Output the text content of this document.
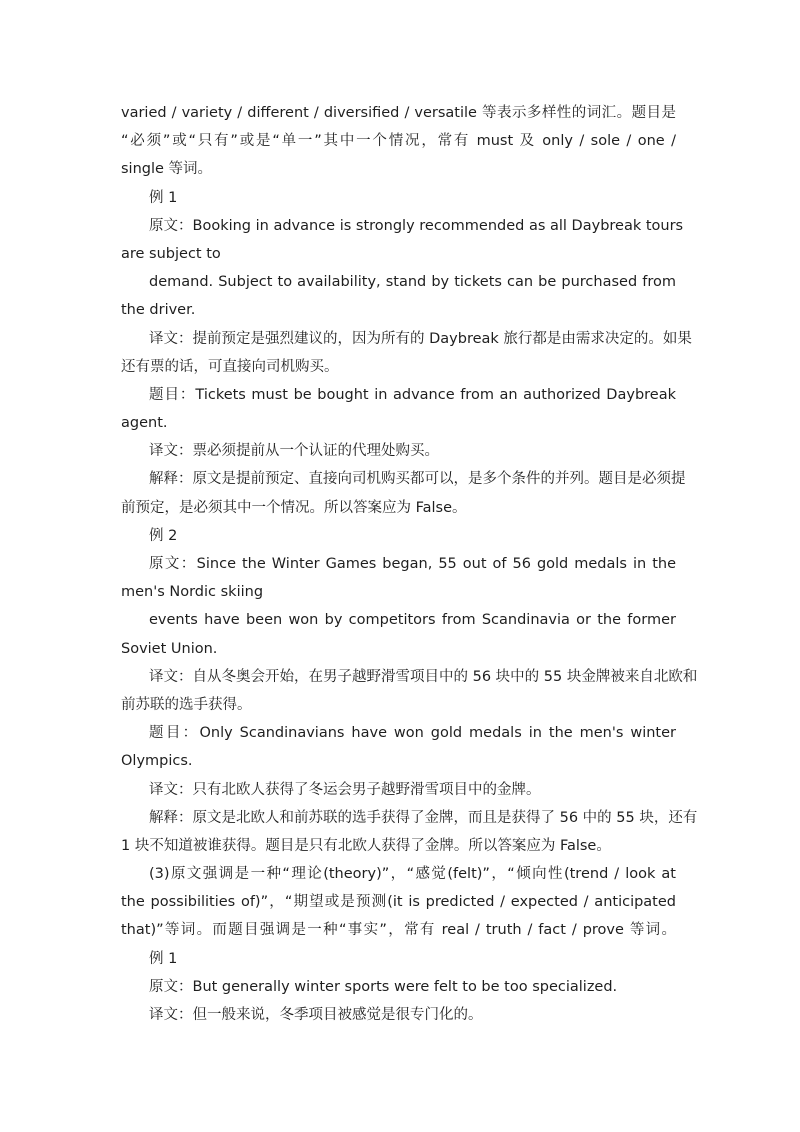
varied / variety / different / diversified / versatile 等表示多样性的词汇。题目是
“必须”或“只有”或是“单一”其中一个情况，常有 must 及 only / sole / one /
single 等词。
例 1
原文：Booking in advance is strongly recommended as all Daybreak tours
are subject to
demand. Subject to availability, stand by tickets can be purchased from
the driver.
译文：提前预定是强烈建议的，因为所有的 Daybreak 旅行都是由需求决定的。如果
还有票的话，可直接向司机购买。
题目：Tickets must be bought in advance from an authorized Daybreak
agent.
译文：票必须提前从一个认证的代理处购买。
解释：原文是提前预定、直接向司机购买都可以，是多个条件的并列。题目是必须提
前预定，是必须其中一个情况。所以答案应为 False。
例 2
原文：Since the Winter Games began, 55 out of 56 gold medals in the
men's Nordic skiing
events have been won by competitors from Scandinavia or the former
Soviet Union.
译文：自从冬奥会开始，在男子越野滑雪项目中的 56 块中的 55 块金牌被来自北欧和
前苏联的选手获得。
题目：Only Scandinavians have won gold medals in the men's winter
Olympics.
译文：只有北欧人获得了冬运会男子越野滑雪项目中的金牌。
解释：原文是北欧人和前苏联的选手获得了金牌，而且是获得了 56 中的 55 块，还有
1 块不知道被谁获得。题目是只有北欧人获得了金牌。所以答案应为 False。
(3)原文强调是一种“理论(theory)”，“感觉(felt)”，“倾向性(trend / look at
the possibilities of)”，“期望或是预测(it is predicted / expected / anticipated
that)”等词。而题目强调是一种“事实”，常有 real / truth / fact / prove 等词。
例 1
原文：But generally winter sports were felt to be too specialized.
译文：但一般来说，冬季项目被感觉是很专门化的。
